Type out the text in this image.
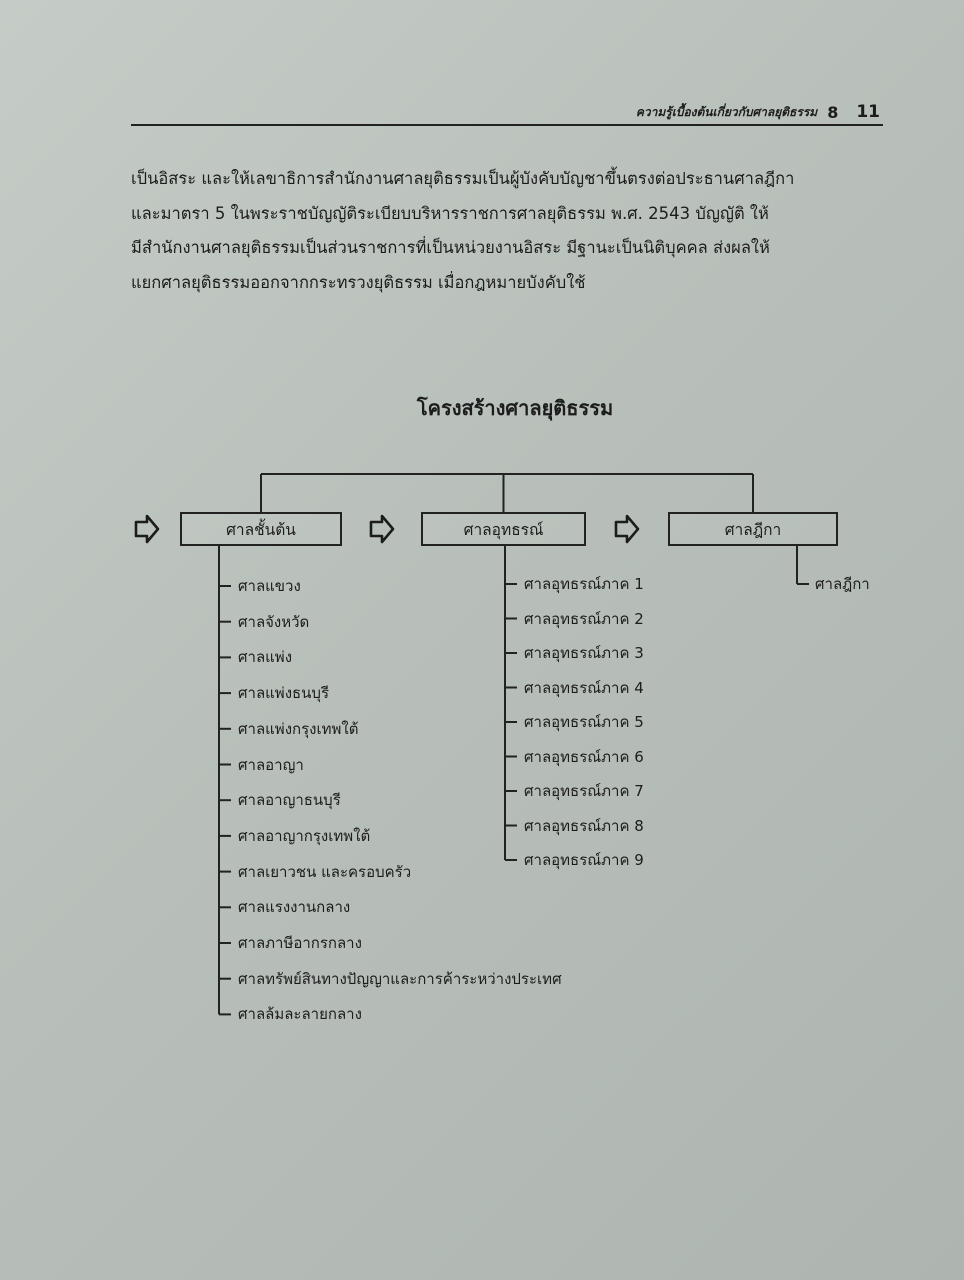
ความรู้เบื้องต้นเกี่ยวกับศาลยุติธรรม 8 11

เป็นอิสระ และให้เลขาธิการสำนักงานศาลยุติธรรมเป็นผู้บังคับบัญชาขึ้นตรงต่อประธานศาลฎีกา
และมาตรา 5 ในพระราชบัญญัติระเบียบบริหารราชการศาลยุติธรรม พ.ศ. 2543 บัญญัติ ให้
มีสำนักงานศาลยุติธรรมเป็นส่วนราชการที่เป็นหน่วยงานอิสระ มีฐานะเป็นนิติบุคคล ส่งผลให้
แยกศาลยุติธรรมออกจากกระทรวงยุติธรรม เมื่อกฎหมายบังคับใช้

โครงสร้างศาลยุติธรรม
ศาลชั้นต้น
ศาลแขวง
ศาลจังหวัด
ศาลแพ่ง
ศาลแพ่งธนบุรี
ศาลแพ่งกรุงเทพใต้
ศาลอาญา
ศาลอาญาธนบุรี
ศาลอาญากรุงเทพใต้
ศาลเยาวชน และครอบครัว
ศาลแรงงานกลาง
ศาลภาษีอากรกลาง
ศาลทรัพย์สินทางปัญญาและการค้าระหว่างประเทศ
ศาลล้มละลายกลาง
ศาลอุทธรณ์
ศาลอุทธรณ์ภาค 1
ศาลอุทธรณ์ภาค 2
ศาลอุทธรณ์ภาค 3
ศาลอุทธรณ์ภาค 4
ศาลอุทธรณ์ภาค 5
ศาลอุทธรณ์ภาค 6
ศาลอุทธรณ์ภาค 7
ศาลอุทธรณ์ภาค 8
ศาลอุทธรณ์ภาค 9
ศาลฎีกา
ศาลฎีกา
